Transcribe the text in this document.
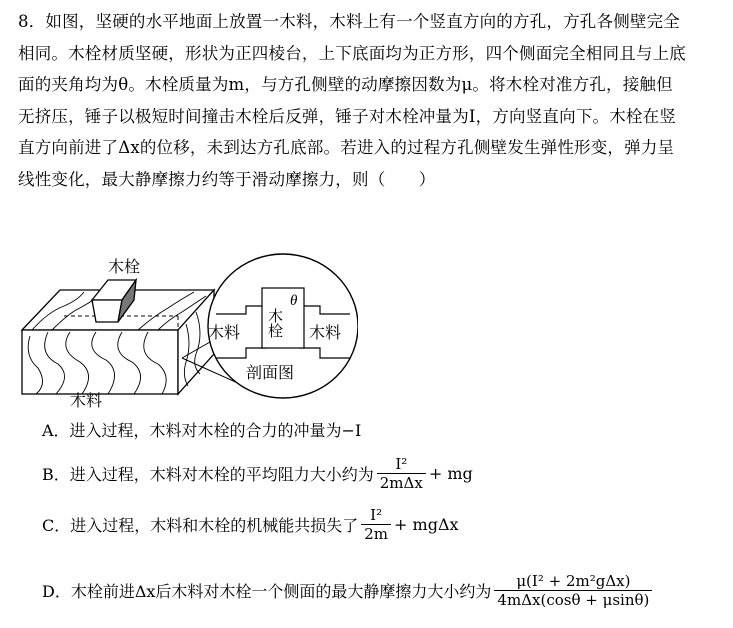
8．如图，坚硬的水平地面上放置一木料，木料上有一个竖直方向的方孔，方孔各侧壁完全
相同。木栓材质坚硬，形状为正四棱台，上下底面均为正方形，四个侧面完全相同且与上底
面的夹角均为θ。木栓质量为m，与方孔侧壁的动摩擦因数为μ。将木栓对准方孔，接触但
无挤压，锤子以极短时间撞击木栓后反弹，锤子对木栓冲量为I，方向竖直向下。木栓在竖
直方向前进了Δx的位移，未到达方孔底部。若进入的过程方孔侧壁发生弹性形变，弹力呈
线性变化，最大静摩擦力约等于滑动摩擦力，则（　　）
木栓
木料
木栓
θ
木料	木料
剖面图
A．进入过程，木料对木栓的合力的冲量为−I
B．进入过程，木料对木栓的平均阻力大小约为 $\frac{\text{I²}}{\text{2mΔx}}$ + mg
C．进入过程，木料和木栓的机械能共损失了 $\frac{\text{I²}}{2m} + mg\Delta x$
D．木栓前进Δx后木料对木栓一个侧面的最大静摩擦力大小约为 $\frac{\text{μ(I² + 2m²gΔx)}}{\text{4mΔx(cosθ + μsinθ)}}$
